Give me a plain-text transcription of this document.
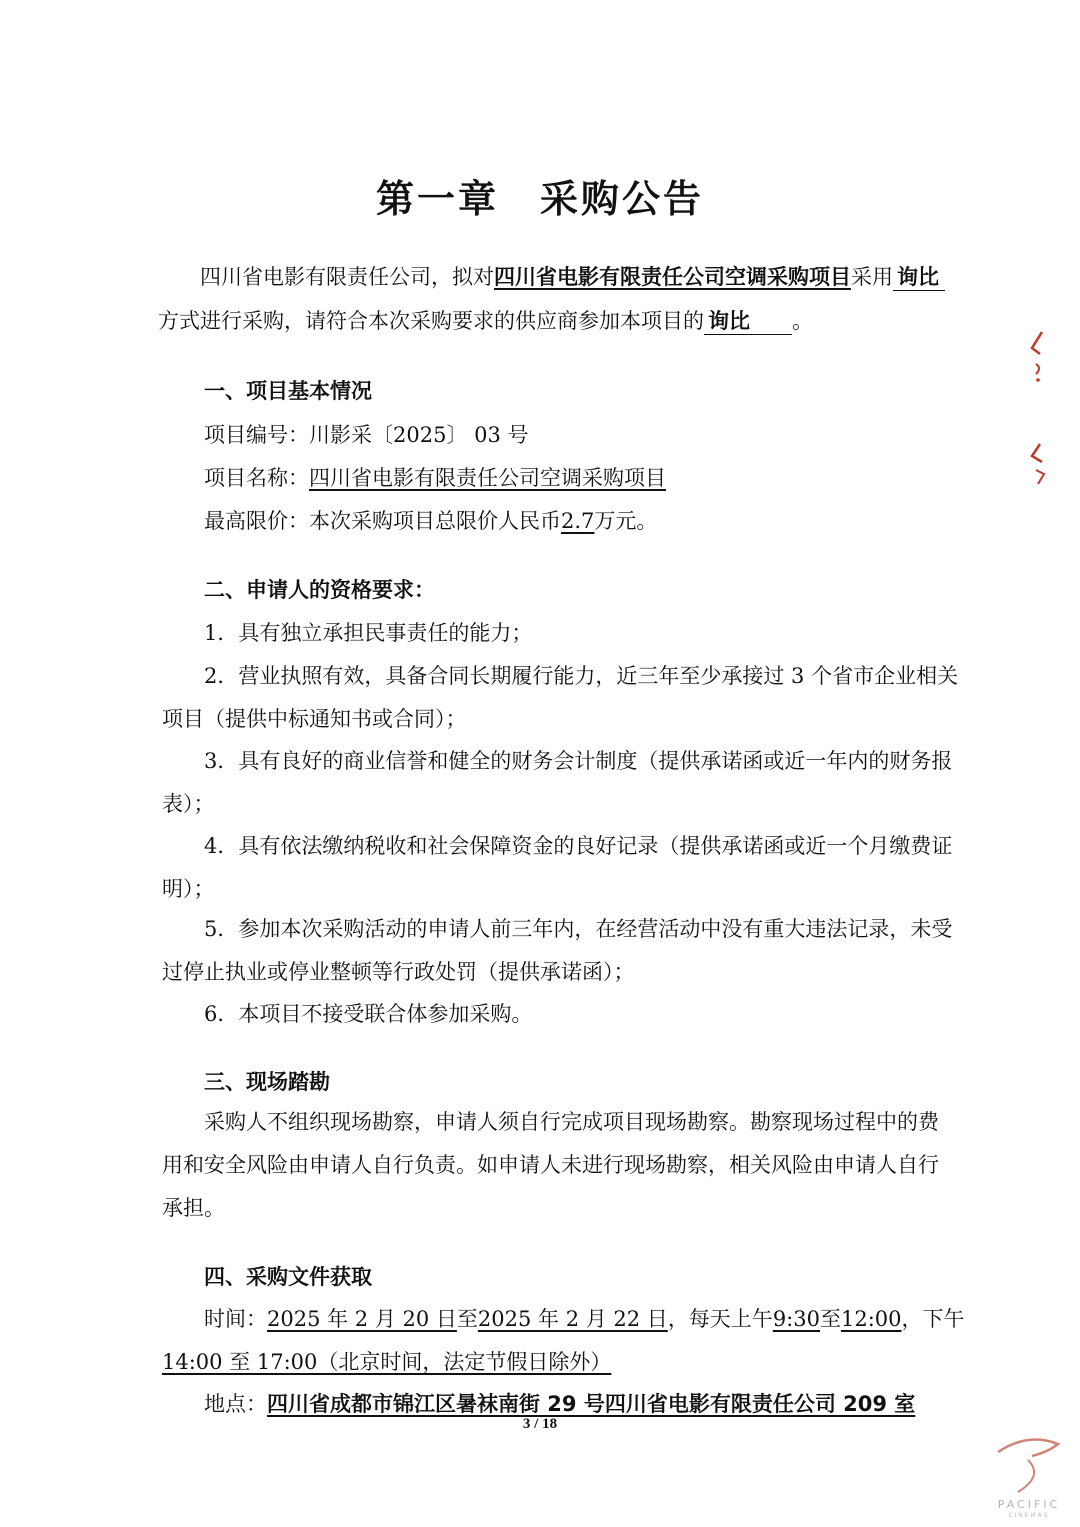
第一章　采购公告
四川省电影有限责任公司，拟对四川省电影有限责任公司空调采购项目采用 询比
方式进行采购，请符合本次采购要求的供应商参加本项目的 询比 。
一、项目基本情况
项目编号：川影采〔2025〕 03 号
项目名称：四川省电影有限责任公司空调采购项目
最高限价：本次采购项目总限价人民币2.7万元。
二、申请人的资格要求：
1．具有独立承担民事责任的能力；
2．营业执照有效，具备合同长期履行能力，近三年至少承接过 3 个省市企业相关
项目（提供中标通知书或合同）；
3．具有良好的商业信誉和健全的财务会计制度（提供承诺函或近一年内的财务报
表）；
4．具有依法缴纳税收和社会保障资金的良好记录（提供承诺函或近一个月缴费证
明）；
5．参加本次采购活动的申请人前三年内，在经营活动中没有重大违法记录，未受
过停止执业或停业整顿等行政处罚（提供承诺函）；
6．本项目不接受联合体参加采购。
三、现场踏勘
采购人不组织现场勘察，申请人须自行完成项目现场勘察。勘察现场过程中的费
用和安全风险由申请人自行负责。如申请人未进行现场勘察，相关风险由申请人自行
承担。
四、采购文件获取
时间：2025 年 2 月 20 日至2025 年 2 月 22 日，每天上午9:30至12:00，下午
14:00 至 17:00（北京时间，法定节假日除外）
地点：四川省成都市锦江区暑袜南街 29 号四川省电影有限责任公司 209 室
3 / 18
PACIFIC
CINEMAS
